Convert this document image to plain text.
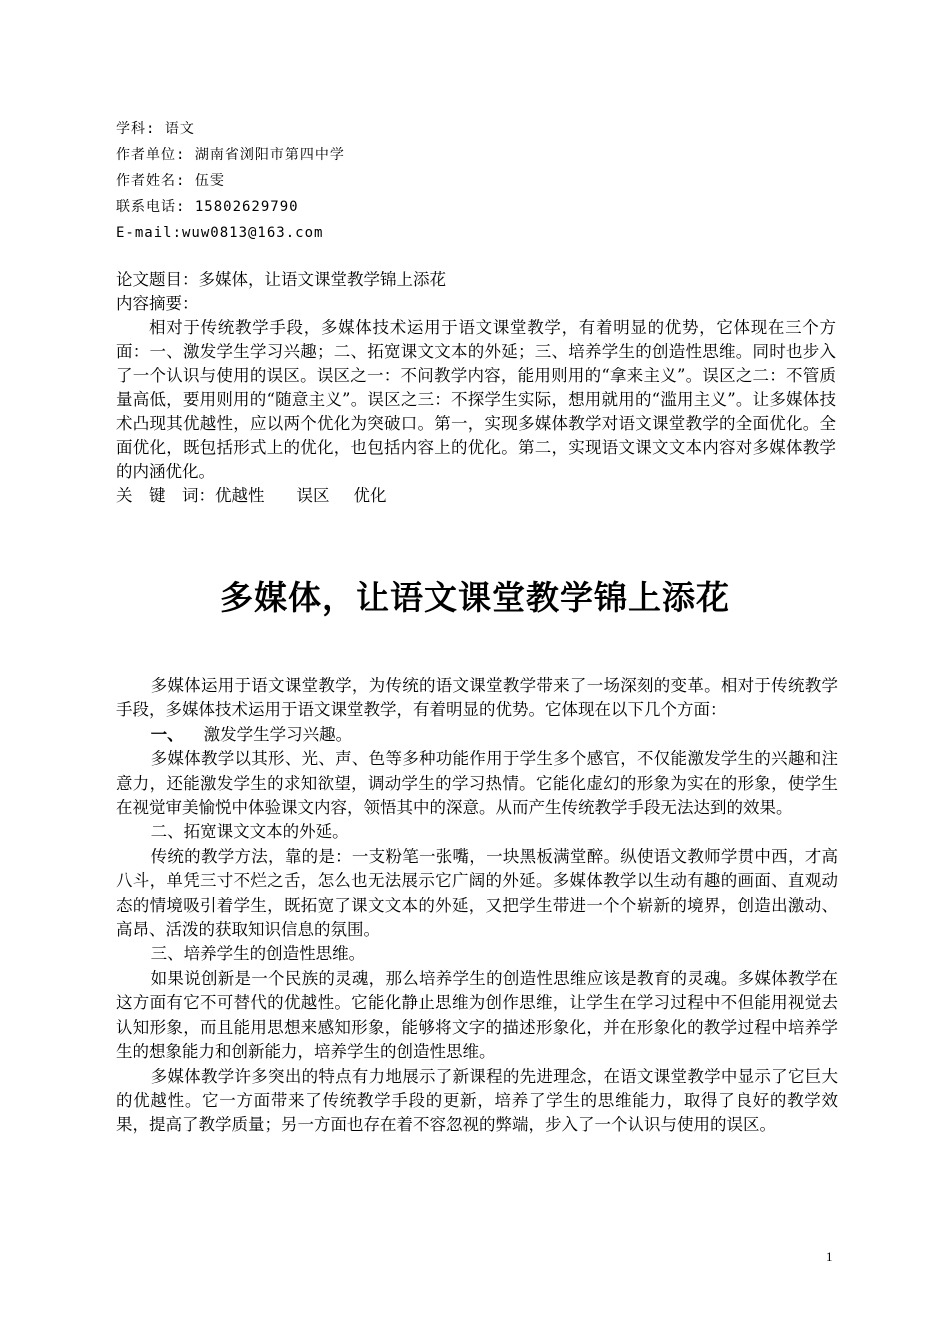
学科: 语文
作者单位: 湖南省浏阳市第四中学
作者姓名: 伍雯
联系电话: 15802629790
E-mail:wuw0813@163.com
论文题目：多媒体，让语文课堂教学锦上添花
内容摘要：
相对于传统教学手段，多媒体技术运用于语文课堂教学，有着明显的优势，它体现在三个方面：一、激发学生学习兴趣；二、拓宽课文文本的外延；三、培养学生的创造性思维。同时也步入了一个认识与使用的误区。误区之一：不问教学内容，能用则用的“拿来主义”。误区之二：不管质量高低，要用则用的“随意主义”。误区之三：不探学生实际，想用就用的“滥用主义”。让多媒体技术凸现其优越性，应以两个优化为突破口。第一，实现多媒体教学对语文课堂教学的全面优化。全面优化，既包括形式上的优化，也包括内容上的优化。第二，实现语文课文文本内容对多媒体教学的内涵优化。
关　键　词：优越性 误区 优化
多媒体，让语文课堂教学锦上添花

多媒体运用于语文课堂教学，为传统的语文课堂教学带来了一场深刻的变革。相对于传统教学手段，多媒体技术运用于语文课堂教学，有着明显的优势。它体现在以下几个方面：

一、 激发学生学习兴趣。

多媒体教学以其形、光、声、色等多种功能作用于学生多个感官，不仅能激发学生的兴趣和注意力，还能激发学生的求知欲望，调动学生的学习热情。它能化虚幻的形象为实在的形象，使学生在视觉审美愉悦中体验课文内容，领悟其中的深意。从而产生传统教学手段无法达到的效果。

二、拓宽课文文本的外延。

传统的教学方法，靠的是：一支粉笔一张嘴，一块黑板满堂醉。纵使语文教师学贯中西，才高八斗，单凭三寸不烂之舌，怎么也无法展示它广阔的外延。多媒体教学以生动有趣的画面、直观动态的情境吸引着学生，既拓宽了课文文本的外延，又把学生带进一个个崭新的境界，创造出激动、高昂、活泼的获取知识信息的氛围。

三、培养学生的创造性思维。

如果说创新是一个民族的灵魂，那么培养学生的创造性思维应该是教育的灵魂。多媒体教学在这方面有它不可替代的优越性。它能化静止思维为创作思维，让学生在学习过程中不但能用视觉去认知形象，而且能用思想来感知形象，能够将文字的描述形象化，并在形象化的教学过程中培养学生的想象能力和创新能力，培养学生的创造性思维。

多媒体教学许多突出的特点有力地展示了新课程的先进理念，在语文课堂教学中显示了它巨大的优越性。它一方面带来了传统教学手段的更新，培养了学生的思维能力，取得了良好的教学效果，提高了教学质量；另一方面也存在着不容忽视的弊端，步入了一个认识与使用的误区。

1
